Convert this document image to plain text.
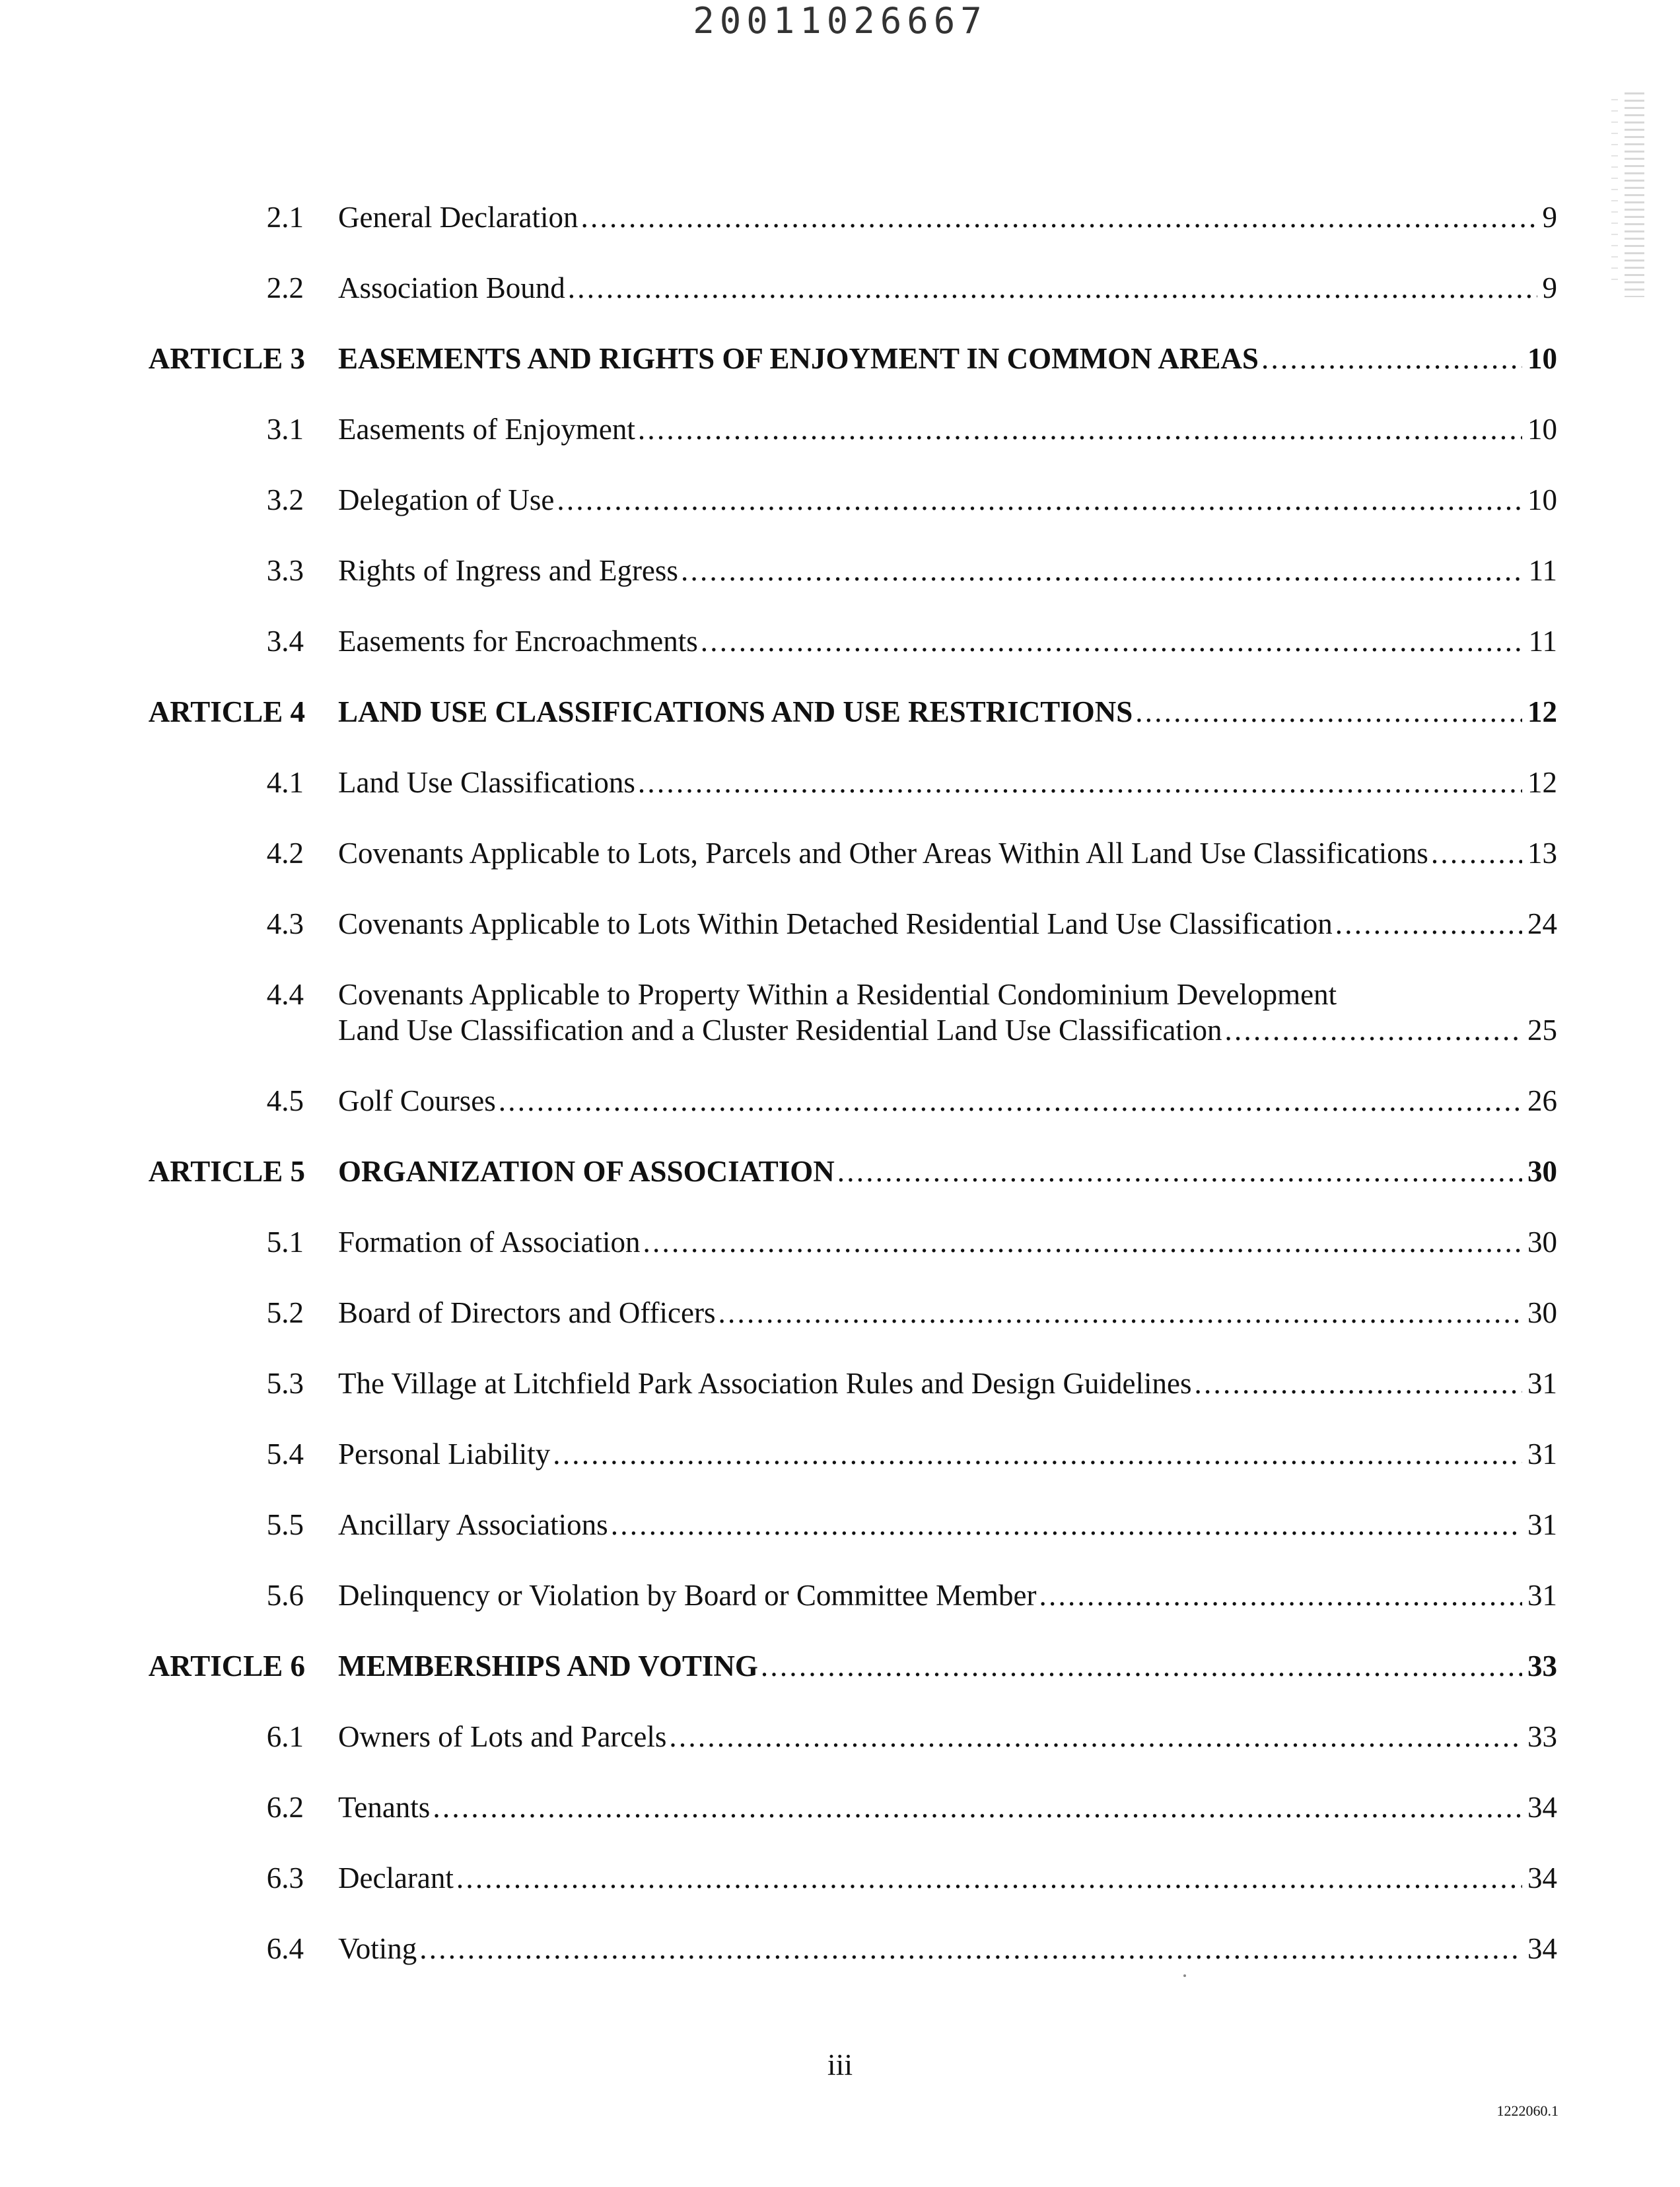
20011026667
2.1 General Declaration . . .	9
2.2 Association Bound . . .	9
ARTICLE 3 EASEMENTS AND RIGHTS OF ENJOYMENT IN COMMON AREAS . . .	10
3.1 Easements of Enjoyment . . .	10
3.2 Delegation of Use . . .	10
3.3 Rights of Ingress and Egress . . .	11
3.4 Easements for Encroachments . . .	11
ARTICLE 4 LAND USE CLASSIFICATIONS AND USE RESTRICTIONS . . .	12
4.1 Land Use Classifications . . .	12
4.2 Covenants Applicable to Lots, Parcels and Other Areas Within All Land Use Classifications . . .	13
4.3 Covenants Applicable to Lots Within Detached Residential Land Use Classification . . .	24
4.4 Covenants Applicable to Property Within a Residential Condominium Development
Land Use Classification and a Cluster Residential Land Use Classification . . .	25
4.5 Golf Courses . . .	26
ARTICLE 5 ORGANIZATION OF ASSOCIATION . . .	30
5.1 Formation of Association . . .	30
5.2 Board of Directors and Officers . . .	30
5.3 The Village at Litchfield Park Association Rules and Design Guidelines . . .	31
5.4 Personal Liability . . .	31
5.5 Ancillary Associations . . .	31
5.6 Delinquency or Violation by Board or Committee Member . . .	31
ARTICLE 6 MEMBERSHIPS AND VOTING . . .	33
6.1 Owners of Lots and Parcels . . .	33
6.2 Tenants . . .	34
6.3 Declarant . . .	34
6.4 Voting . . .	34
iii
1222060.1
